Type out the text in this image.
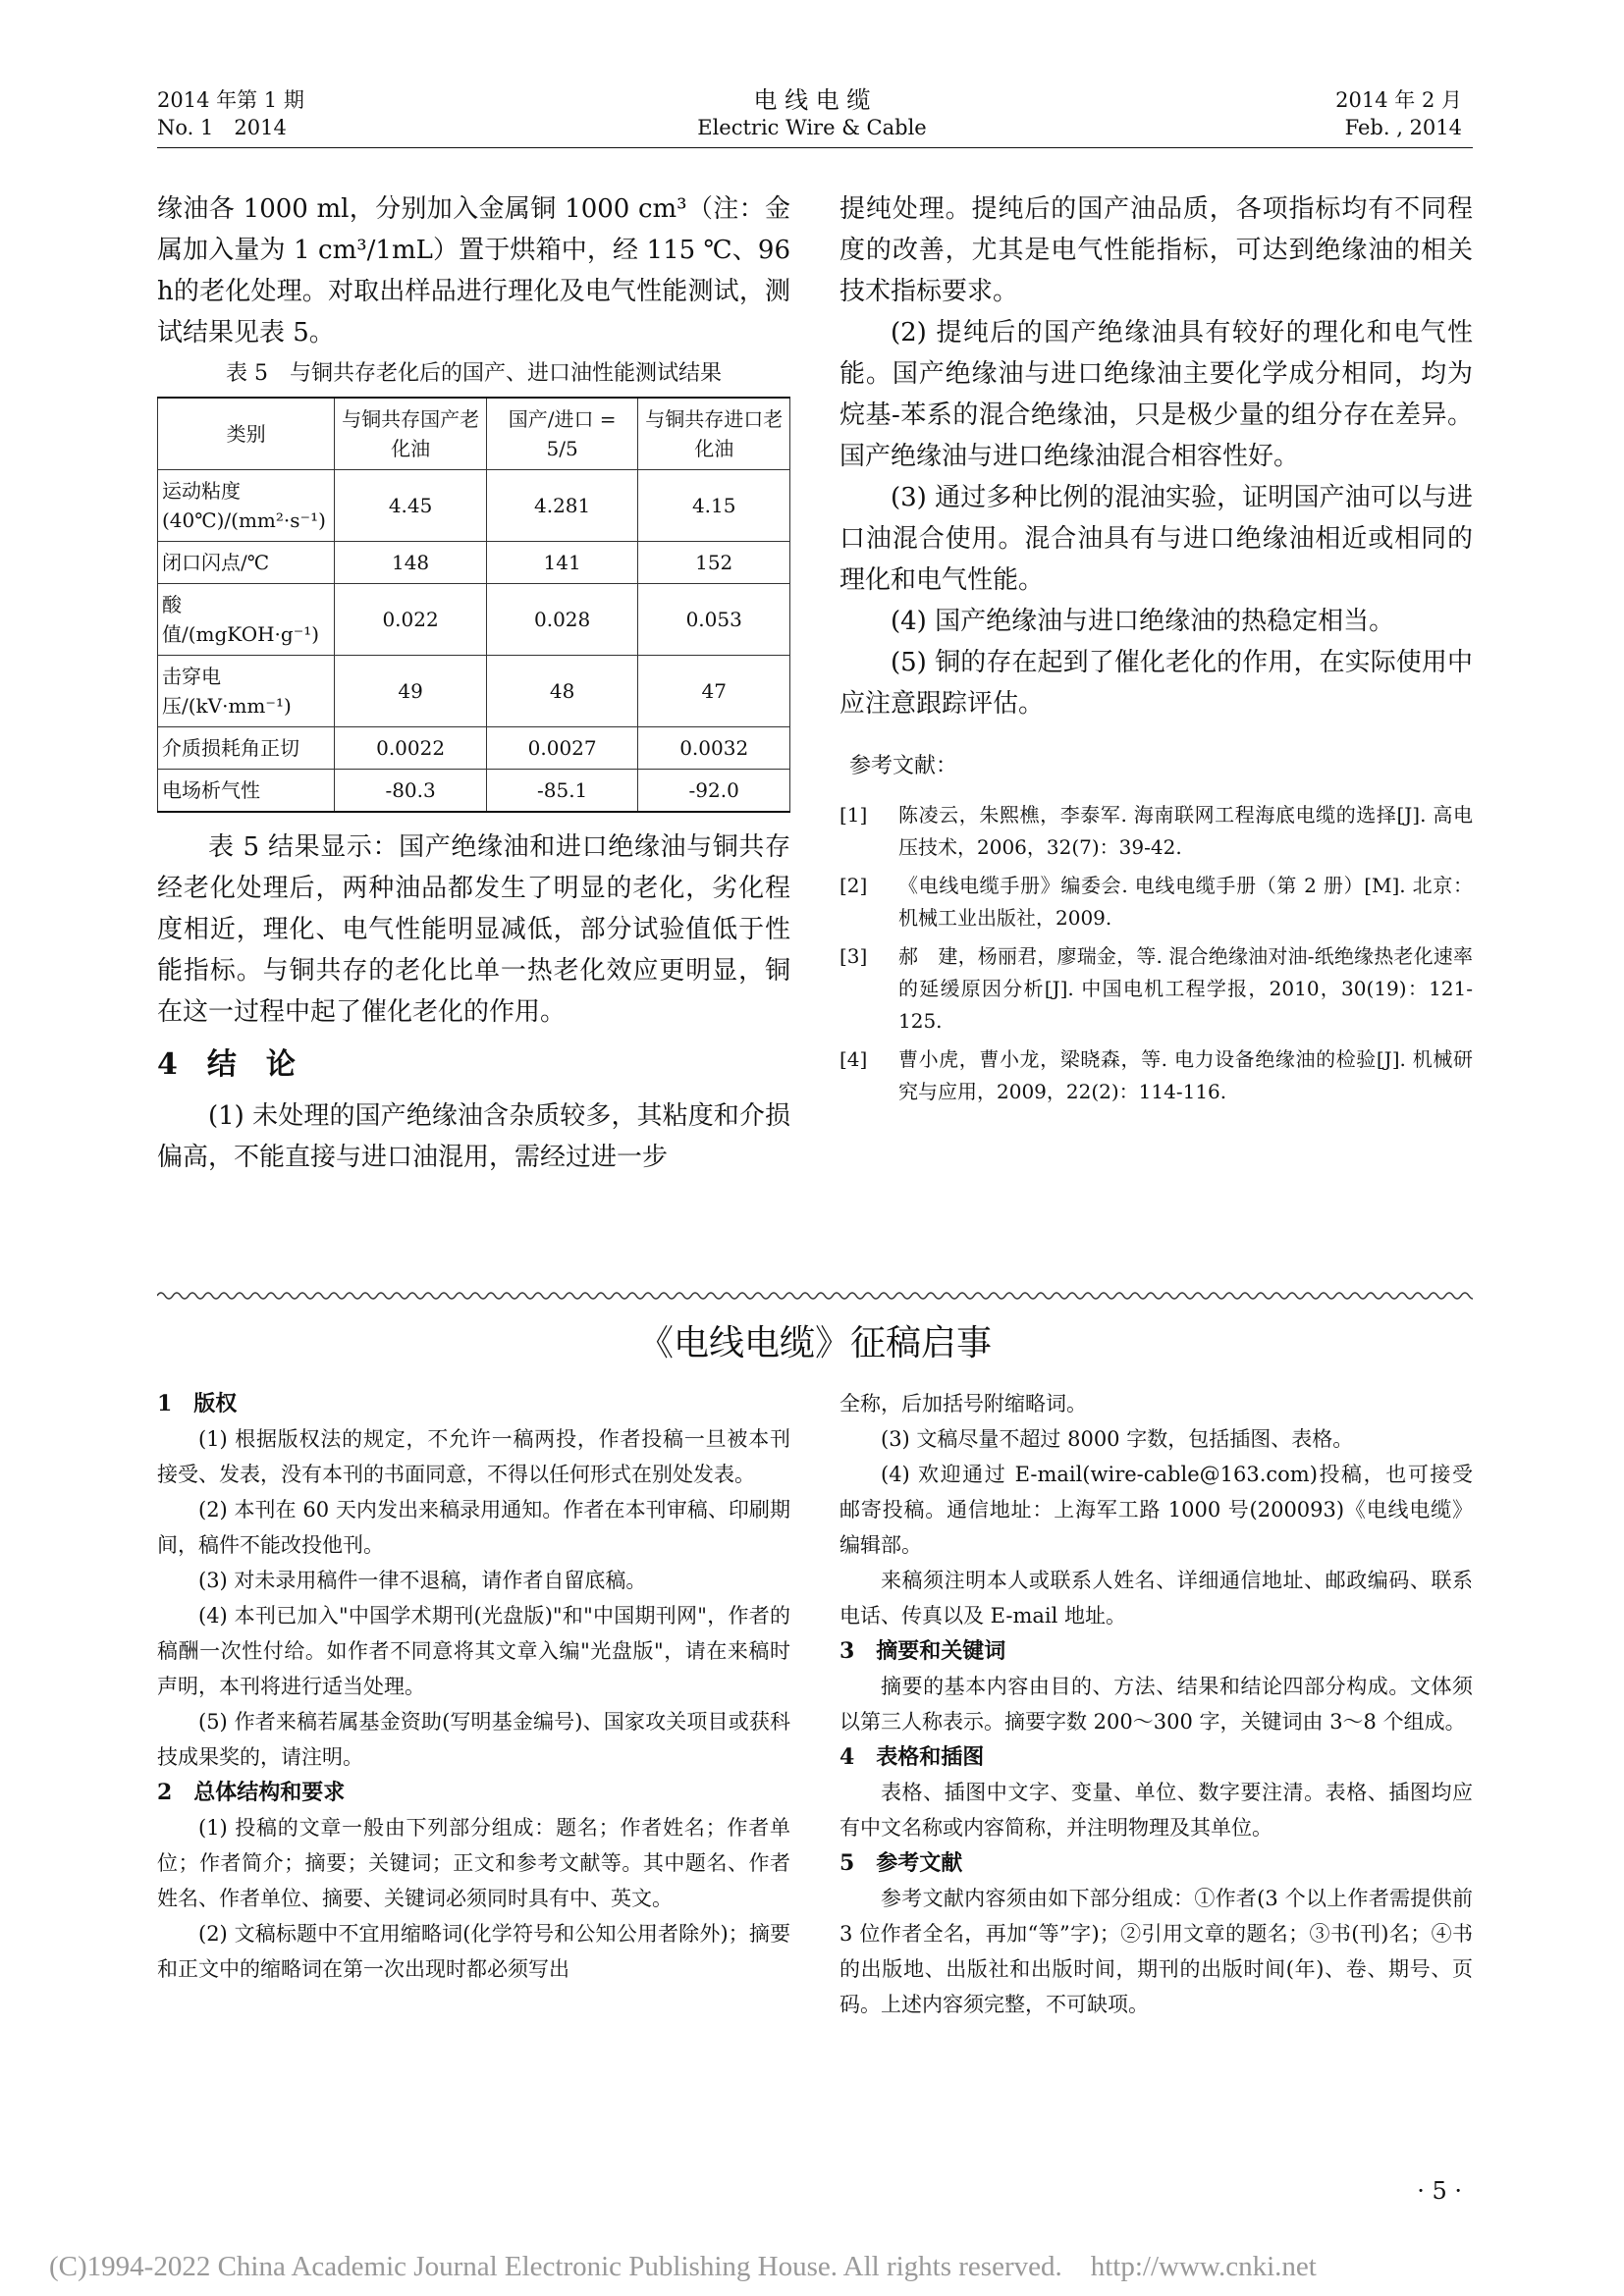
2014 年第 1 期
No. 1　2014
电 线 电 缆
Electric Wire & Cable
2014 年 2 月
Feb. , 2014

缘油各 1000 ml，分别加入金属铜 1000 cm³（注：金属加入量为 1 cm³/1mL）置于烘箱中，经 115 ℃、96 h的老化处理。对取出样品进行理化及电气性能测试，测试结果见表 5。

表 5　与铜共存老化后的国产、进口油性能测试结果
类别	与铜共存国产老化油	国产/进口 = 5/5	与铜共存进口老化油
运动粘度(40℃)/(mm²·s⁻¹)	4.45	4.281	4.15
闭口闪点/℃	148	141	152
酸值/(mgKOH·g⁻¹)	0.022	0.028	0.053
击穿电压/(kV·mm⁻¹)	49	48	47
介质损耗角正切	0.0022	0.0027	0.0032
电场析气性	-80.3	-85.1	-92.0

表 5 结果显示：国产绝缘油和进口绝缘油与铜共存经老化处理后，两种油品都发生了明显的老化，劣化程度相近，理化、电气性能明显减低，部分试验值低于性能指标。与铜共存的老化比单一热老化效应更明显，铜在这一过程中起了催化老化的作用。

4　结　论

(1) 未处理的国产绝缘油含杂质较多，其粘度和介损偏高，不能直接与进口油混用，需经过进一步

提纯处理。提纯后的国产油品质，各项指标均有不同程度的改善，尤其是电气性能指标，可达到绝缘油的相关技术指标要求。

(2) 提纯后的国产绝缘油具有较好的理化和电气性能。国产绝缘油与进口绝缘油主要化学成分相同，均为烷基-苯系的混合绝缘油，只是极少量的组分存在差异。国产绝缘油与进口绝缘油混合相容性好。

(3) 通过多种比例的混油实验，证明国产油可以与进口油混合使用。混合油具有与进口绝缘油相近或相同的理化和电气性能。

(4) 国产绝缘油与进口绝缘油的热稳定相当。

(5) 铜的存在起到了催化老化的作用，在实际使用中应注意跟踪评估。

参考文献：
[1]	陈凌云，朱熙樵，李泰军. 海南联网工程海底电缆的选择[J]. 高电压技术，2006，32(7)：39-42.
[2]	《电线电缆手册》编委会. 电线电缆手册（第 2 册）[M]. 北京：机械工业出版社，2009.
[3]	郝　建，杨丽君，廖瑞金，等. 混合绝缘油对油-纸绝缘热老化速率的延缓原因分析[J]. 中国电机工程学报，2010，30(19)：121-125.
[4]	曹小虎，曹小龙，梁晓森，等. 电力设备绝缘油的检验[J]. 机械研究与应用，2009，22(2)：114-116.
《电线电缆》征稿启事
1　版权

(1) 根据版权法的规定，不允许一稿两投，作者投稿一旦被本刊接受、发表，没有本刊的书面同意，不得以任何形式在别处发表。

(2) 本刊在 60 天内发出来稿录用通知。作者在本刊审稿、印刷期间，稿件不能改投他刊。

(3) 对未录用稿件一律不退稿，请作者自留底稿。

(4) 本刊已加入"中国学术期刊(光盘版)"和"中国期刊网"，作者的稿酬一次性付给。如作者不同意将其文章入编"光盘版"，请在来稿时声明，本刊将进行适当处理。

(5) 作者来稿若属基金资助(写明基金编号)、国家攻关项目或获科技成果奖的，请注明。

2　总体结构和要求

(1) 投稿的文章一般由下列部分组成：题名；作者姓名；作者单位；作者简介；摘要；关键词；正文和参考文献等。其中题名、作者姓名、作者单位、摘要、关键词必须同时具有中、英文。

(2) 文稿标题中不宜用缩略词(化学符号和公知公用者除外)；摘要和正文中的缩略词在第一次出现时都必须写出

全称，后加括号附缩略词。

(3) 文稿尽量不超过 8000 字数，包括插图、表格。

(4) 欢迎通过 E-mail(wire-cable@163.com)投稿，也可接受邮寄投稿。通信地址：上海军工路 1000 号(200093)《电线电缆》编辑部。

来稿须注明本人或联系人姓名、详细通信地址、邮政编码、联系电话、传真以及 E-mail 地址。

3　摘要和关键词

摘要的基本内容由目的、方法、结果和结论四部分构成。文体须以第三人称表示。摘要字数 200～300 字，关键词由 3～8 个组成。

4　表格和插图

表格、插图中文字、变量、单位、数字要注清。表格、插图均应有中文名称或内容简称，并注明物理及其单位。

5　参考文献

参考文献内容须由如下部分组成：①作者(3 个以上作者需提供前 3 位作者全名，再加“等”字)；②引用文章的题名；③书(刊)名；④书的出版地、出版社和出版时间，期刊的出版时间(年)、卷、期号、页码。上述内容须完整，不可缺项。

· 5 ·
(C)1994-2022 China Academic Journal Electronic Publishing House. All rights reserved.　http://www.cnki.net
